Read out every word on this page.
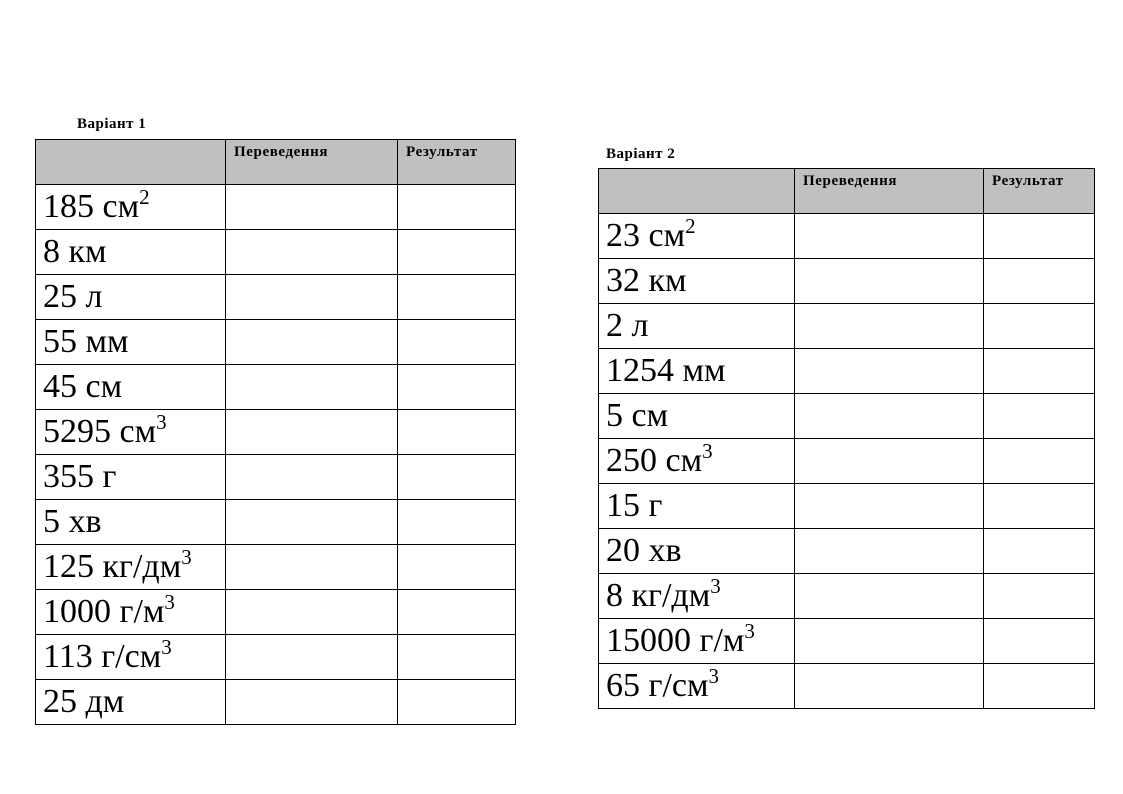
Варіант 1

	Переведення	Результат

185 $см^2$		
8 км		
25 л		
55 мм		
45 см		
5295 $см^3$		
355 г		
5 хв		
125 $кг/дм^3$		
1000 $г/м^3$		
113 $г/см^3$		
25 дм		
Варіант 2

	Переведення	Результат

23 $см^2$		
32 км		
2 л		
1254 мм		
5 см		
250 $см^3$		
15 г		
20 хв		
8 $кг/дм^3$		
15000 $г/м^3$		
65 $г/см^3$		
